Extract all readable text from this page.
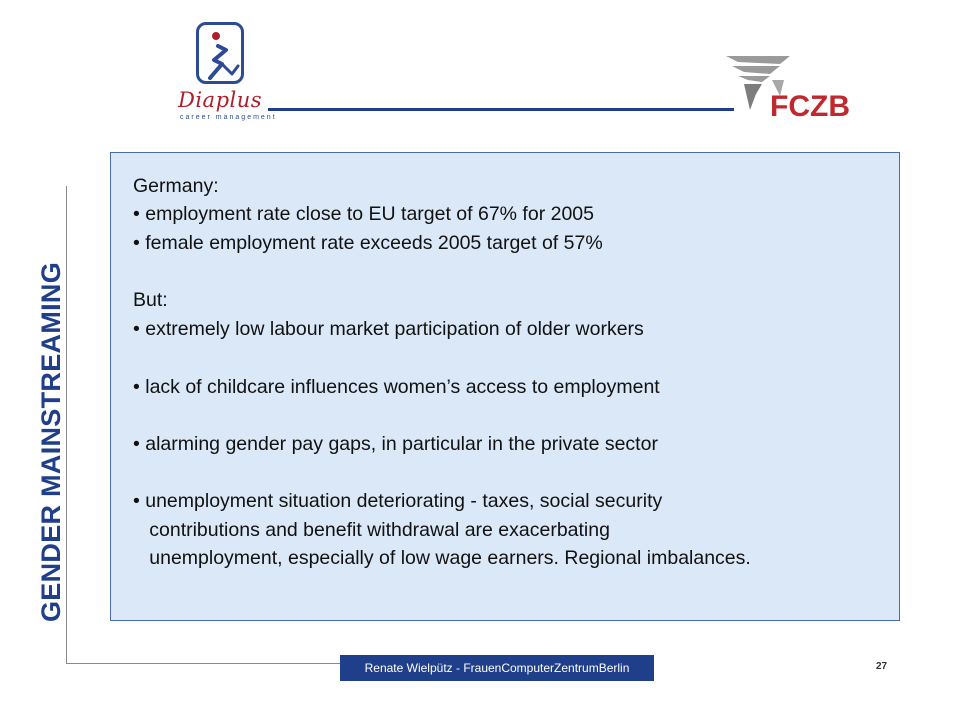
Diaplus
career management	FCZB
GENDER MAINSTREAMING
Germany:
• employment rate close to EU target of 67% for 2005
• female employment rate exceeds 2005 target of 57%
But:
• extremely low labour market participation of older workers
• lack of childcare influences women’s access to employment
• alarming gender pay gaps, in particular in the private sector
• unemployment situation deteriorating - taxes, social security
contributions and benefit withdrawal are exacerbating
unemployment, especially of low wage earners. Regional imbalances.
Renate Wielpütz - FrauenComputerZentrumBerlin	27
